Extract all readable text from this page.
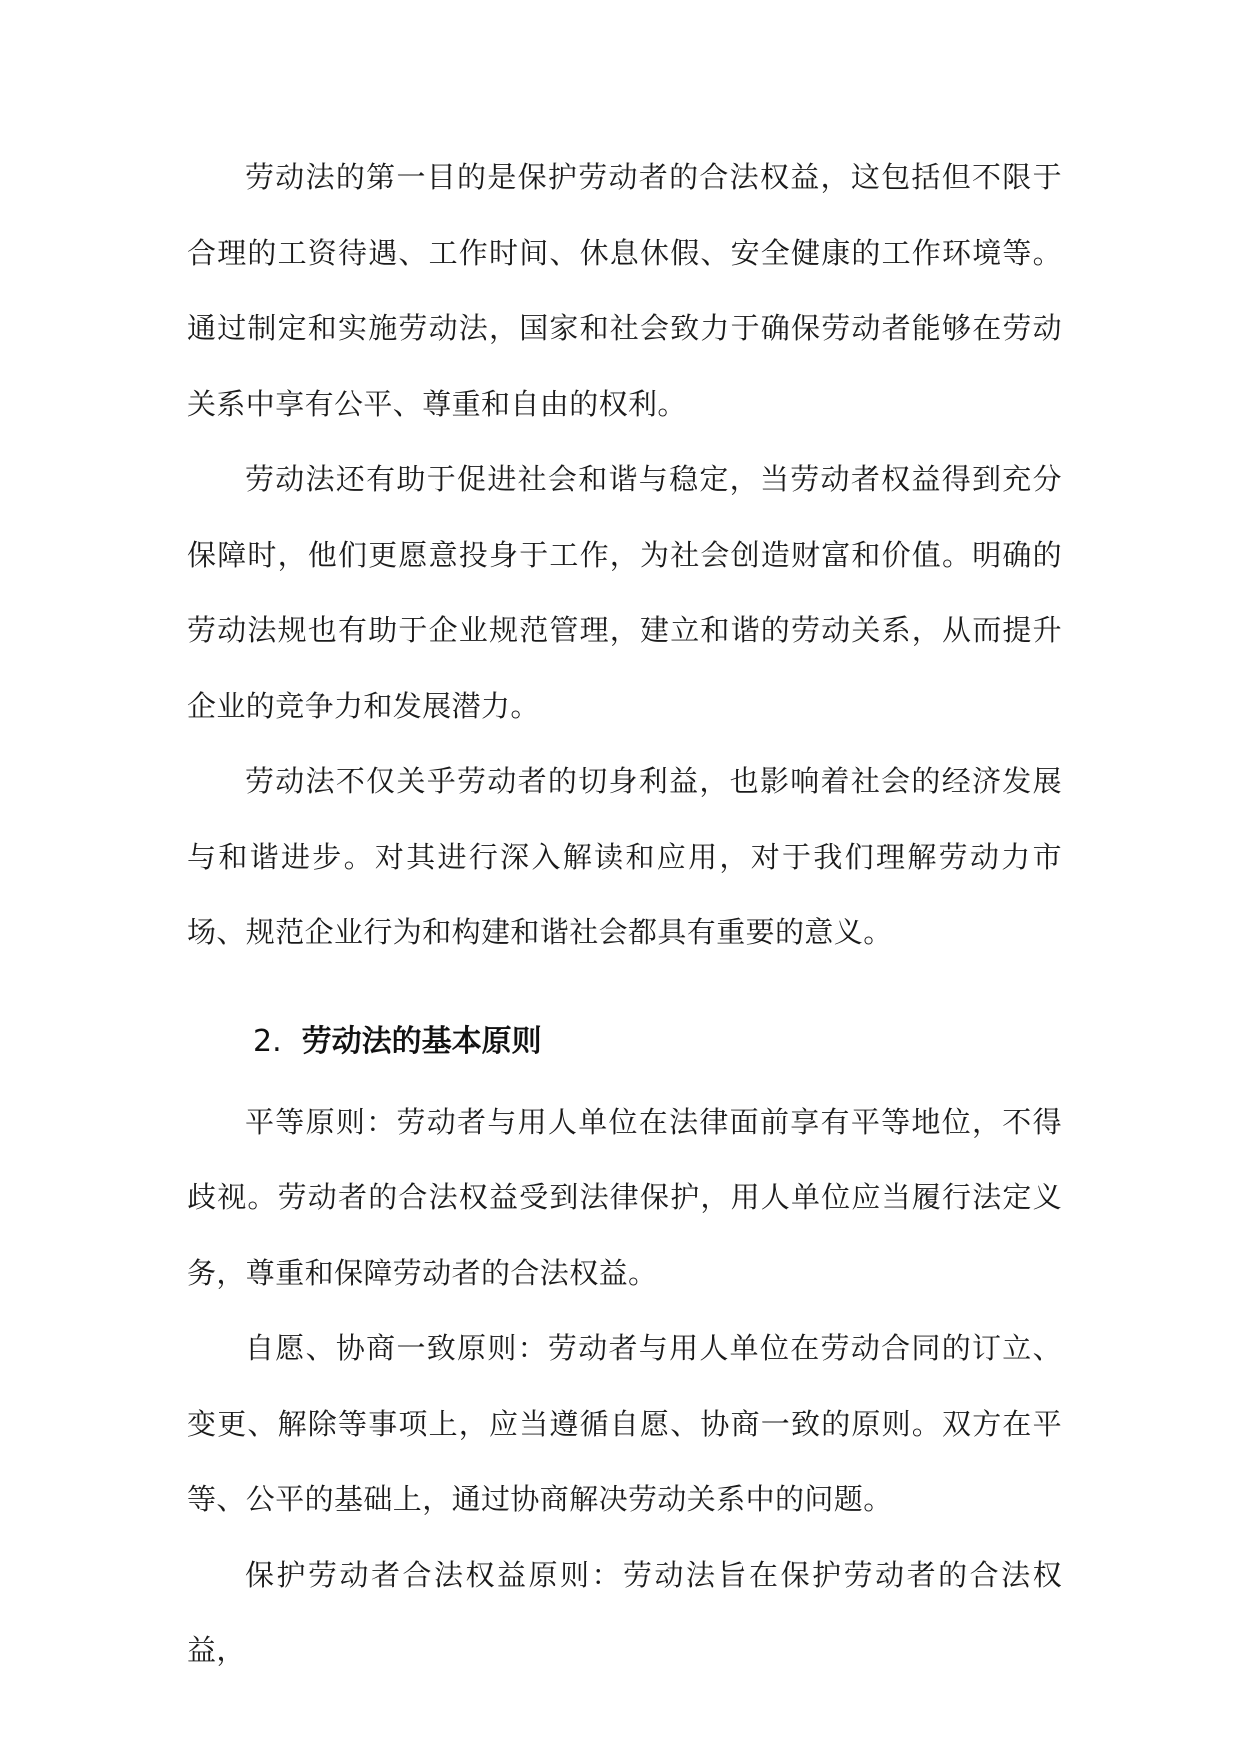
劳动法的第一目的是保护劳动者的合法权益，这包括但不限于合理的工资待遇、工作时间、休息休假、安全健康的工作环境等。通过制定和实施劳动法，国家和社会致力于确保劳动者能够在劳动关系中享有公平、尊重和自由的权利。

劳动法还有助于促进社会和谐与稳定，当劳动者权益得到充分保障时，他们更愿意投身于工作，为社会创造财富和价值。明确的劳动法规也有助于企业规范管理，建立和谐的劳动关系，从而提升企业的竞争力和发展潜力。

劳动法不仅关乎劳动者的切身利益，也影响着社会的经济发展与和谐进步。对其进行深入解读和应用，对于我们理解劳动力市场、规范企业行为和构建和谐社会都具有重要的意义。

2. 劳动法的基本原则

平等原则：劳动者与用人单位在法律面前享有平等地位，不得歧视。劳动者的合法权益受到法律保护，用人单位应当履行法定义务，尊重和保障劳动者的合法权益。

自愿、协商一致原则：劳动者与用人单位在劳动合同的订立、变更、解除等事项上，应当遵循自愿、协商一致的原则。双方在平等、公平的基础上，通过协商解决劳动关系中的问题。

保护劳动者合法权益原则：劳动法旨在保护劳动者的合法权益，
